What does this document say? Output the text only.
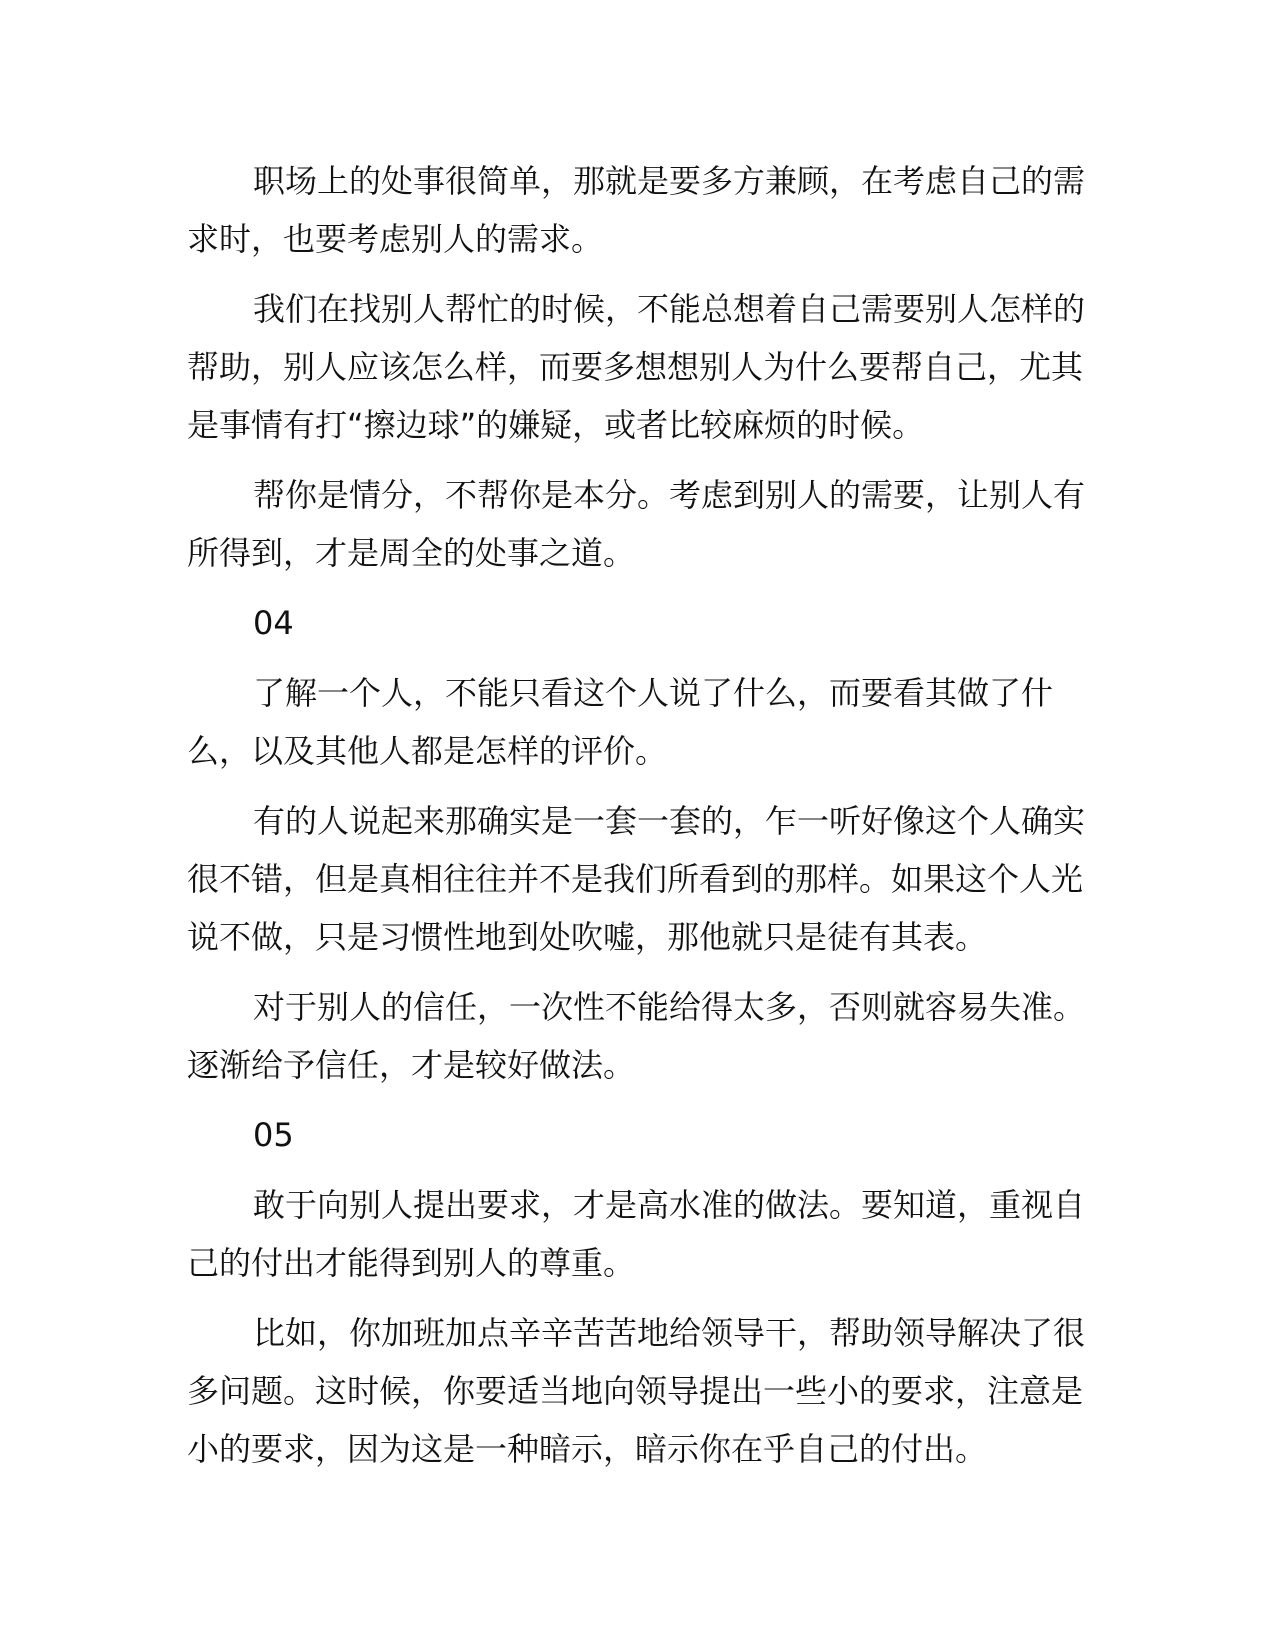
职场上的处事很简单，那就是要多方兼顾，在考虑自己的需求时，也要考虑别人的需求。

我们在找别人帮忙的时候，不能总想着自己需要别人怎样的帮助，别人应该怎么样，而要多想想别人为什么要帮自己，尤其是事情有打“擦边球”的嫌疑，或者比较麻烦的时候。

帮你是情分，不帮你是本分。考虑到别人的需要，让别人有所得到，才是周全的处事之道。

04

了解一个人，不能只看这个人说了什么，而要看其做了什么，以及其他人都是怎样的评价。

有的人说起来那确实是一套一套的，乍一听好像这个人确实很不错，但是真相往往并不是我们所看到的那样。如果这个人光说不做，只是习惯性地到处吹嘘，那他就只是徒有其表。

对于别人的信任，一次性不能给得太多，否则就容易失准。逐渐给予信任，才是较好做法。

05

敢于向别人提出要求，才是高水准的做法。要知道，重视自己的付出才能得到别人的尊重。

比如，你加班加点辛辛苦苦地给领导干，帮助领导解决了很多问题。这时候，你要适当地向领导提出一些小的要求，注意是小的要求，因为这是一种暗示，暗示你在乎自己的付出。
